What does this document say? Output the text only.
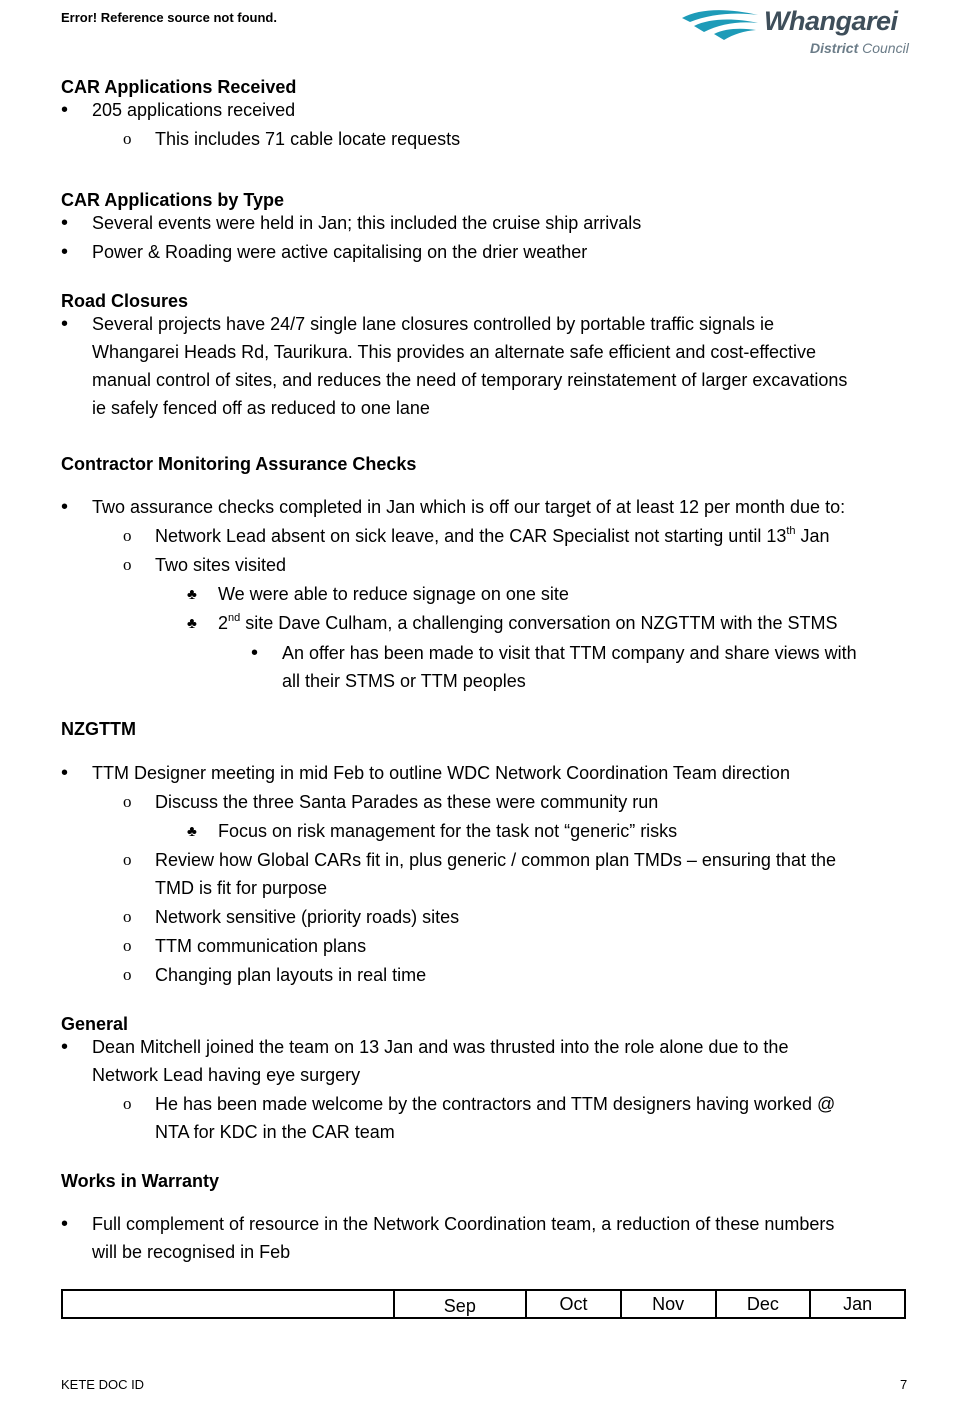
Error! Reference source not found.	Whangarei
District Council
CAR Applications Received
• 205 applications received
o This includes 71 cable locate requests
CAR Applications by Type
• Several events were held in Jan; this included the cruise ship arrivals
• Power & Roading were active capitalising on the drier weather
Road Closures
• Several projects have 24/7 single lane closures controlled by portable traffic signals ie
Whangarei Heads Rd, Taurikura. This provides an alternate safe efficient and cost-effective
manual control of sites, and reduces the need of temporary reinstatement of larger excavations
ie safely fenced off as reduced to one lane
Contractor Monitoring Assurance Checks
• Two assurance checks completed in Jan which is off our target of at least 12 per month due to:
o Network Lead absent on sick leave, and the CAR Specialist not starting until 13th Jan
o Two sites visited
♣ We were able to reduce signage on one site
♣ 2nd site Dave Culham, a challenging conversation on NZGTTM with the STMS
• An offer has been made to visit that TTM company and share views with
all their STMS or TTM peoples
NZGTTM
• TTM Designer meeting in mid Feb to outline WDC Network Coordination Team direction
o Discuss the three Santa Parades as these were community run
♣ Focus on risk management for the task not “generic” risks
o Review how Global CARs fit in, plus generic / common plan TMDs – ensuring that the
TMD is fit for purpose
o Network sensitive (priority roads) sites
o TTM communication plans
o Changing plan layouts in real time
General
• Dean Mitchell joined the team on 13 Jan and was thrusted into the role alone due to the
Network Lead having eye surgery
o He has been made welcome by the contractors and TTM designers having worked @
NTA for KDC in the CAR team
Works in Warranty
• Full complement of resource in the Network Coordination team, a reduction of these numbers
will be recognised in Feb
	Sep	Oct	Nov	Dec	Jan
KETE DOC ID	7
